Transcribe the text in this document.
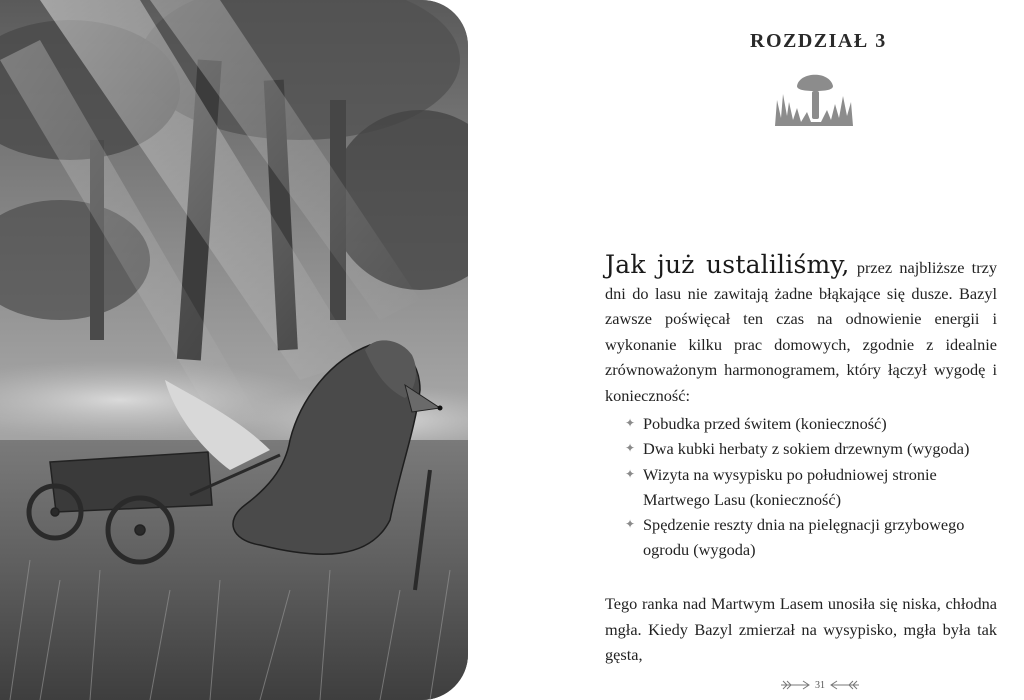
ROZDZIAŁ 3

Jak już ustaliliśmy, przez najbliższe trzy dni do lasu nie zawitają żadne błąkające się dusze. Bazyl zawsze poświęcał ten czas na odnowienie energii i wykonanie kilku prac domowych, zgodnie z idealnie zrównoważonym harmonogramem, który łączył wygodę i konieczność:

✦ Pobudka przed świtem (konieczność)
✦ Dwa kubki herbaty z sokiem drzewnym (wygoda)
✦ Wizyta na wysypisku po południowej stronie Martwego Lasu (konieczność)
✦ Spędzenie reszty dnia na pielęgnacji grzybowego ogrodu (wygoda)

Tego ranka nad Martwym Lasem unosiła się niska, chłodna mgła. Kiedy Bazyl zmierzał na wysypisko, mgła była tak gęsta,

31
